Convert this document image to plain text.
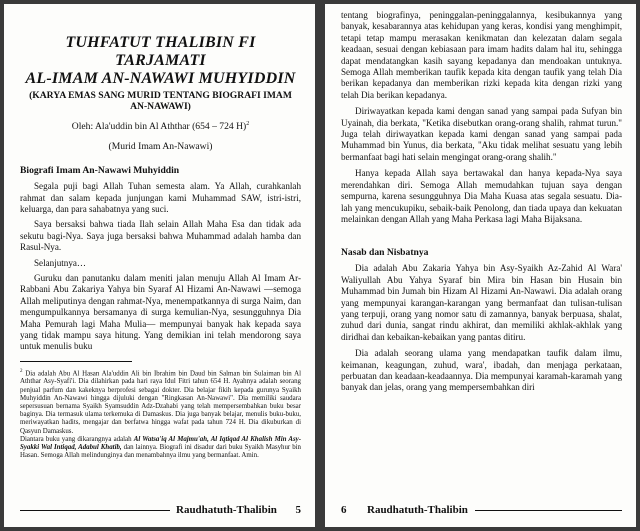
TUHFATUT THALIBIN FI TARJAMATI
AL-IMAM AN-NAWAWI MUHYIDDIN
(KARYA EMAS SANG MURID TENTANG BIOGRAFI IMAM AN-NAWAWI)
Oleh: Ala'uddin bin Al Aththar (654 – 724 H)$^2$
(Murid Imam An-Nawawi)
Biografi Imam An-Nawawi Muhyiddin

Segala puji bagi Allah Tuhan semesta alam. Ya Allah, curahkanlah rahmat dan salam kepada junjungan kami Muhammad SAW, istri-istri, keluarga, dan para sahabatnya yang suci.

Saya bersaksi bahwa tiada Ilah selain Allah Maha Esa dan tidak ada sekutu bagi-Nya. Saya juga bersaksi bahwa Muhammad adalah hamba dan Rasul-Nya.

Selanjutnya…

Guruku dan panutanku dalam meniti jalan menuju Allah Al Imam Ar-Rabbani Abu Zakariya Yahya bin Syaraf Al Hizami An-Nawawi —semoga Allah meliputinya dengan rahmat-Nya, menempatkannya di surga Naim, dan mengumpulkannya bersamanya di surga kemulian-Nya, sesungguhnya Dia Maha Pemurah lagi Maha Mulia— mempunyai banyak hak kepada saya yang tidak mampu saya hitung. Yang demikian ini telah mendorong saya untuk menulis buku

$^2$ Dia adalah Abu Al Hasan Ala'uddin Ali bin Ibrahim bin Daud bin Salman bin Sulaiman bin Al Aththar Asy-Syafi'i. Dia dilahirkan pada hari raya Idul Fitri tahun 654 H. Ayahnya adalah seorang penjual parfum dan kakeknya berprofesi sebagai dokter. Dia belajar fikih kepada gurunya Syaikh Muhyiddin An-Nawawi hingga dijuluki dengan "Ringkasan An-Nawawi". Dia memiliki saudara sepersusuan bernama Syaikh Syamsuddin Adz-Dzahabi yang telah mempersembahkan buku besar baginya. Dia termasuk ulama terkemuka di Damaskus. Dia juga banyak belajar, menulis buku-buku, meriwayatkan hadits, mengajar dan berfatwa hingga wafat pada tahun 724 H. Dia dikuburkan di Qasyun Damaskus.

Diantara buku yang dikarangnya adalah Al Watsa'iq Al Majmu'ah, Al Iqtiqad Al Khalish Min Asy-Syakki Wal Intiqad, Adabul Khatib, dan lainnya. Biografi ini disadur dari buku Syaikh Masyhur bin Hasan. Semoga Allah melindunginya dan menambahnya ilmu yang bermanfaat. Amin.

Raudhatuth-Thalibin 5

tentang biografinya, peninggalan-peninggalannya, kesibukannya yang banyak, kesabarannya atas kehidupan yang keras, kondisi yang menghimpit, tetapi tetap mampu merasakan kenikmatan dan kelezatan dalam segala keadaan, sesuai dengan kebiasaan para imam hadits dalam hal itu, sehingga dapat mendatangkan kasih sayang kepadanya dan mendoakan untuknya. Semoga Allah memberikan taufik kepada kita dengan taufik yang telah Dia berikan kepadanya dan memberikan rizki kepada kita dengan rizki yang telah Dia berikan kepadanya.

Diriwayatkan kepada kami dengan sanad yang sampai pada Sufyan bin Uyainah, dia berkata, "Ketika disebutkan orang-orang shalih, rahmat turun." Juga telah diriwayatkan kepada kami dengan sanad yang sampai pada Muhammad bin Yunus, dia berkata, "Aku tidak melihat sesuatu yang lebih bermanfaat bagi hati selain mengingat orang-orang shalih."

Hanya kepada Allah saya bertawakal dan hanya kepada-Nya saya merendahkan diri. Semoga Allah memudahkan tujuan saya dengan sempurna, karena sesungguhnya Dia Maha Kuasa atas segala sesuatu. Dia-lah yang mencukupiku, sebaik-baik Penolong, dan tiada upaya dan kekuatan melainkan dengan Allah yang Maha Perkasa lagi Maha Bijaksana.

Nasab dan Nisbatnya

Dia adalah Abu Zakaria Yahya bin Asy-Syaikh Az-Zahid Al Wara' Waliyullah Abu Yahya Syaraf bin Mira bin Hasan bin Husain bin Muhammad bin Jumah bin Hizam Al Hizami An-Nawawi. Dia adalah orang yang mempunyai karangan-karangan yang bermanfaat dan tulisan-tulisan yang terpuji, orang yang nomor satu di zamannya, banyak berpuasa, shalat, zuhud dari dunia, sangat rindu akhirat, dan memiliki akhlak-akhlak yang diridhai dan kebaikan-kebaikan yang pantas ditiru.

Dia adalah seorang ulama yang mendapatkan taufik dalam ilmu, keimanan, keagungan, zuhud, wara', ibadah, dan menjaga perkataan, perbuatan dan keadaan-keadaannya. Dia mempunyai karamah-karamah yang banyak dan jelas, orang yang mempersembahkan diri

6 Raudhatuth-Thalibin
